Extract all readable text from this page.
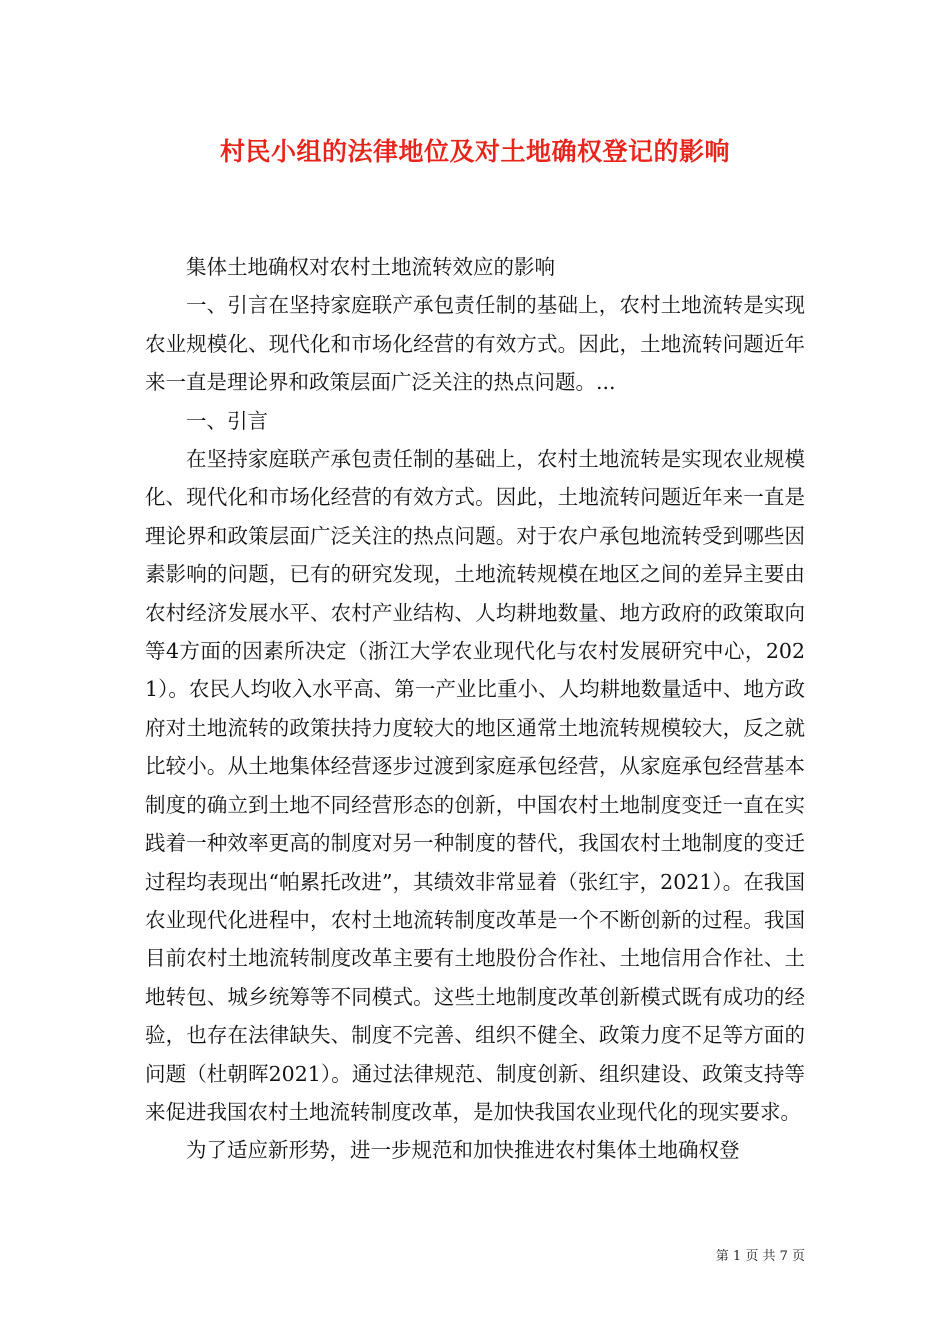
村民小组的法律地位及对土地确权登记的影响

集体土地确权对农村土地流转效应的影响

一、引言在坚持家庭联产承包责任制的基础上，农村土地流转是实现农业规模化、现代化和市场化经营的有效方式。因此，土地流转问题近年来一直是理论界和政策层面广泛关注的热点问题。...

一、引言

在坚持家庭联产承包责任制的基础上，农村土地流转是实现农业规模化、现代化和市场化经营的有效方式。因此，土地流转问题近年来一直是理论界和政策层面广泛关注的热点问题。对于农户承包地流转受到哪些因素影响的问题，已有的研究发现，土地流转规模在地区之间的差异主要由农村经济发展水平、农村产业结构、人均耕地数量、地方政府的政策取向等4方面的因素所决定（浙江大学农业现代化与农村发展研究中心，2021）。农民人均收入水平高、第一产业比重小、人均耕地数量适中、地方政府对土地流转的政策扶持力度较大的地区通常土地流转规模较大，反之就比较小。从土地集体经营逐步过渡到家庭承包经营，从家庭承包经营基本制度的确立到土地不同经营形态的创新，中国农村土地制度变迁一直在实践着一种效率更高的制度对另一种制度的替代，我国农村土地制度的变迁过程均表现出“帕累托改进”，其绩效非常显着（张红宇，2021）。在我国农业现代化进程中，农村土地流转制度改革是一个不断创新的过程。我国目前农村土地流转制度改革主要有土地股份合作社、土地信用合作社、土地转包、城乡统筹等不同模式。这些土地制度改革创新模式既有成功的经验，也存在法律缺失、制度不完善、组织不健全、政策力度不足等方面的问题（杜朝晖2021）。通过法律规范、制度创新、组织建设、政策支持等来促进我国农村土地流转制度改革，是加快我国农业现代化的现实要求。

为了适应新形势，进一步规范和加快推进农村集体土地确权登

第 1 页 共 7 页
